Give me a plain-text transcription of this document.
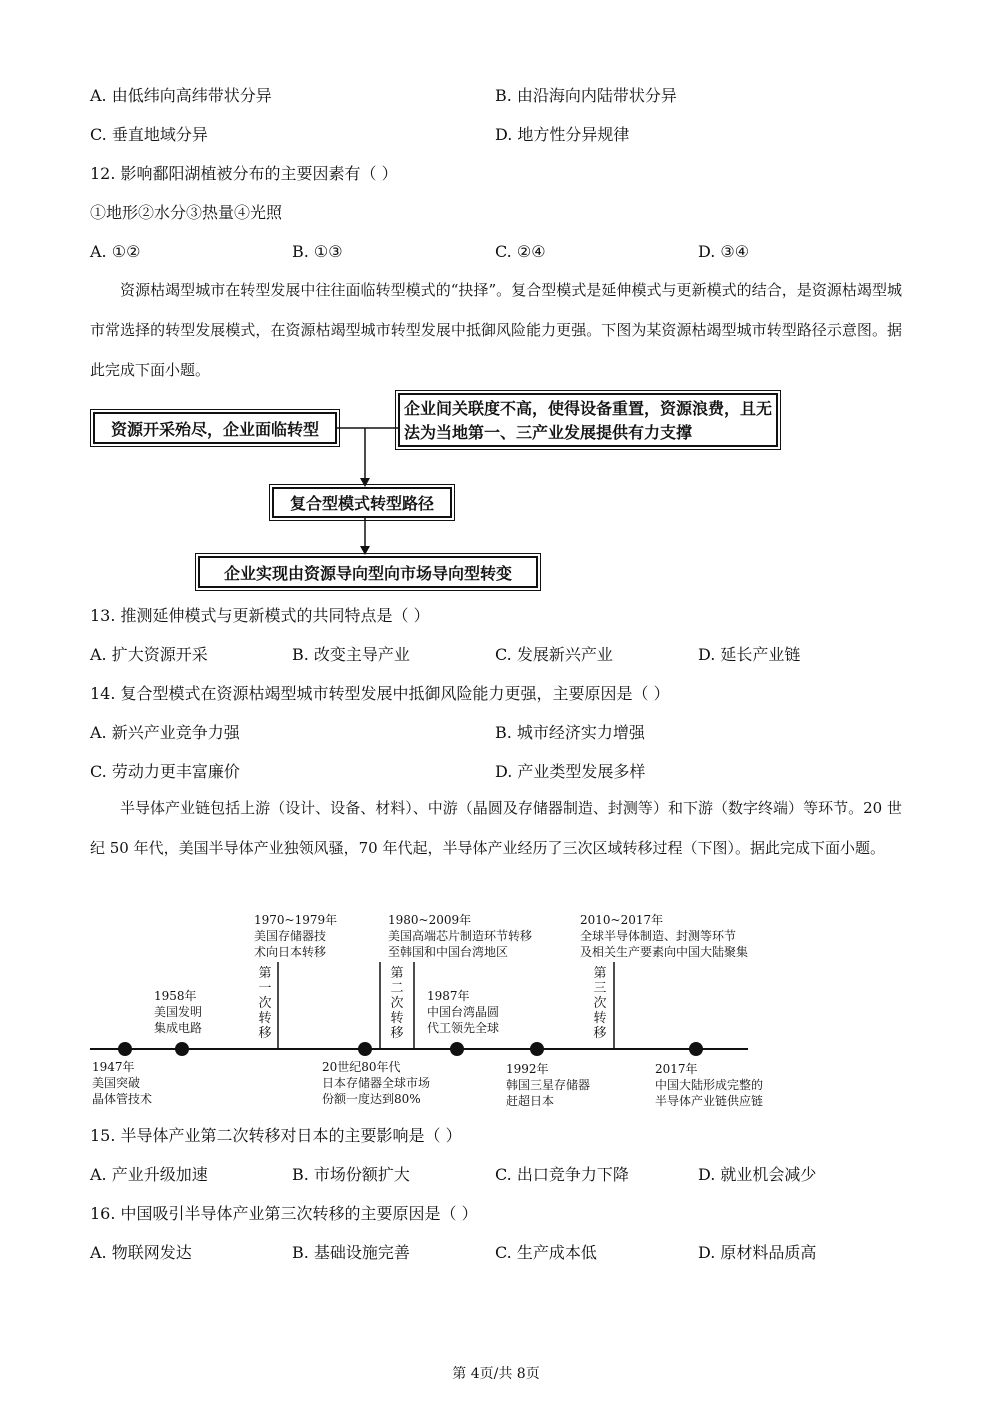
A. 由低纬向高纬带状分异	B. 由沿海向内陆带状分异
C. 垂直地域分异	D. 地方性分异规律
12. 影响鄱阳湖植被分布的主要因素有（ ）
①地形②水分③热量④光照
A. ①②	B. ①③	C. ②④	D. ③④
资源枯竭型城市在转型发展中往往面临转型模式的“抉择”。复合型模式是延伸模式与更新模式的结合，是资源枯竭型城市常选择的转型发展模式，在资源枯竭型城市转型发展中抵御风险能力更强。下图为某资源枯竭型城市转型路径示意图。据此完成下面小题。
资源开采殆尽，企业面临转型
企业间关联度不高，使得设备重置，资源浪费，且无法为当地第一、三产业发展提供有力支撑
复合型模式转型路径
企业实现由资源导向型向市场导向型转变
13. 推测延伸模式与更新模式的共同特点是（ ）
A. 扩大资源开采	B. 改变主导产业	C. 发展新兴产业	D. 延长产业链
14. 复合型模式在资源枯竭型城市转型发展中抵御风险能力更强，主要原因是（ ）
A. 新兴产业竞争力强	B. 城市经济实力增强
C. 劳动力更丰富廉价	D. 产业类型发展多样
半导体产业链包括上游（设计、设备、材料）、中游（晶圆及存储器制造、封测等）和下游（数字终端）等环节。20 世纪 50 年代，美国半导体产业独领风骚，70 年代起，半导体产业经历了三次区域转移过程（下图）。据此完成下面小题。
1970~1979年
美国存储器技
术向日本转移
第一次转移
1980~2009年
美国高端芯片制造环节转移
至韩国和中国台湾地区
第二次转移
2010~2017年
全球半导体制造、封测等环节
及相关生产要素向中国大陆聚集
第三次转移
1958年
美国发明
集成电路
1987年
中国台湾晶圆
代工领先全球
1947年
美国突破
晶体管技术
20世纪80年代
日本存储器全球市场
份额一度达到80%
1992年
韩国三星存储器
赶超日本
2017年
中国大陆形成完整的
半导体产业链供应链
15. 半导体产业第二次转移对日本的主要影响是（ ）
A. 产业升级加速	B. 市场份额扩大	C. 出口竞争力下降	D. 就业机会减少
16. 中国吸引半导体产业第三次转移的主要原因是（ ）
A. 物联网发达	B. 基础设施完善	C. 生产成本低	D. 原材料品质高
第 4页/共 8页
